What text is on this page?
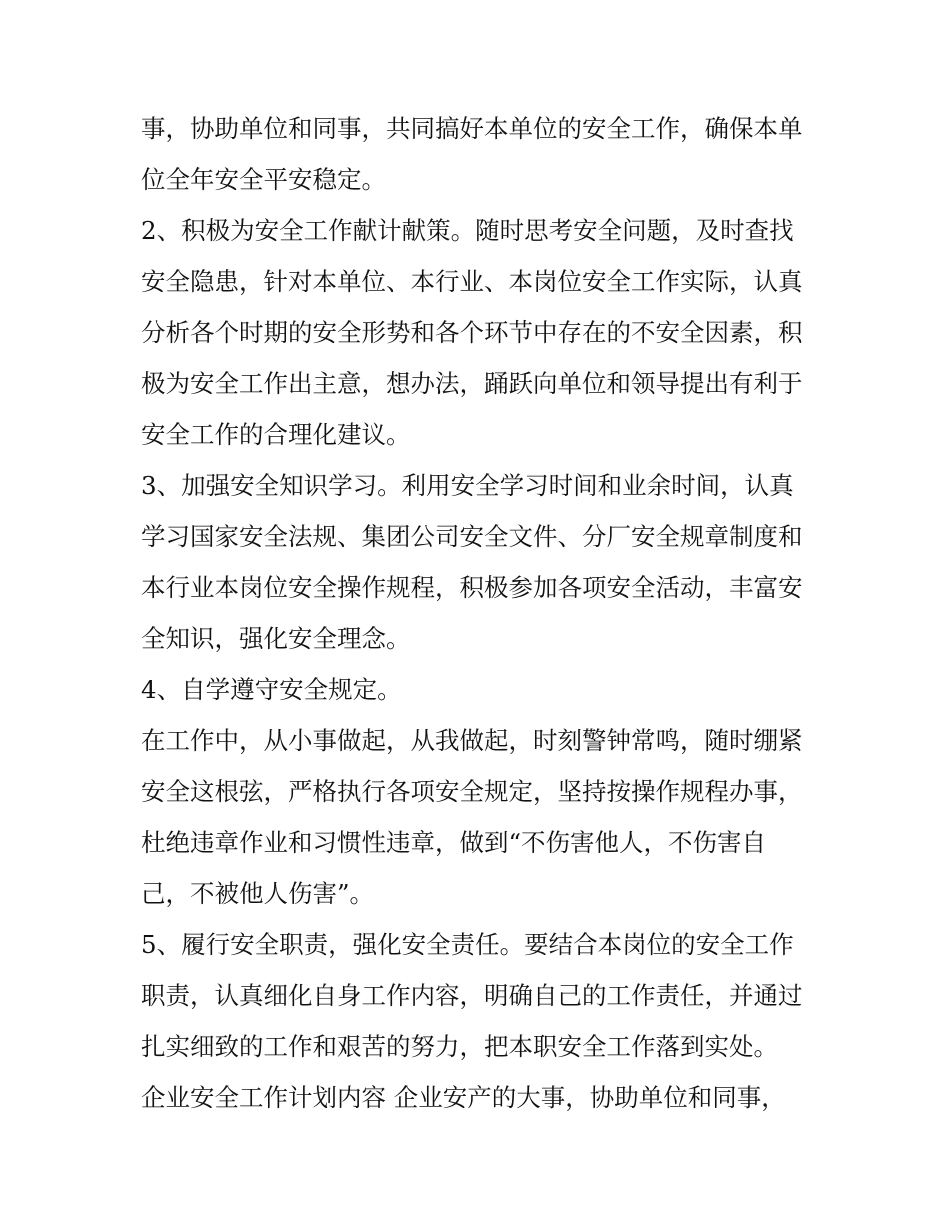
事，协助单位和同事，共同搞好本单位的安全工作，确保本单

位全年安全平安稳定。

2、积极为安全工作献计献策。随时思考安全问题，及时查找

安全隐患，针对本单位、本行业、本岗位安全工作实际，认真

分析各个时期的安全形势和各个环节中存在的不安全因素，积

极为安全工作出主意，想办法，踊跃向单位和领导提出有利于

安全工作的合理化建议。

3、加强安全知识学习。利用安全学习时间和业余时间，认真

学习国家安全法规、集团公司安全文件、分厂安全规章制度和

本行业本岗位安全操作规程，积极参加各项安全活动，丰富安

全知识，强化安全理念。

4、自学遵守安全规定。

在工作中，从小事做起，从我做起，时刻警钟常鸣，随时绷紧

安全这根弦，严格执行各项安全规定，坚持按操作规程办事，

杜绝违章作业和习惯性违章，做到“不伤害他人，不伤害自

己，不被他人伤害”。

5、履行安全职责，强化安全责任。要结合本岗位的安全工作

职责，认真细化自身工作内容，明确自己的工作责任，并通过

扎实细致的工作和艰苦的努力，把本职安全工作落到实处。

企业安全工作计划内容 企业安产的大事，协助单位和同事，
